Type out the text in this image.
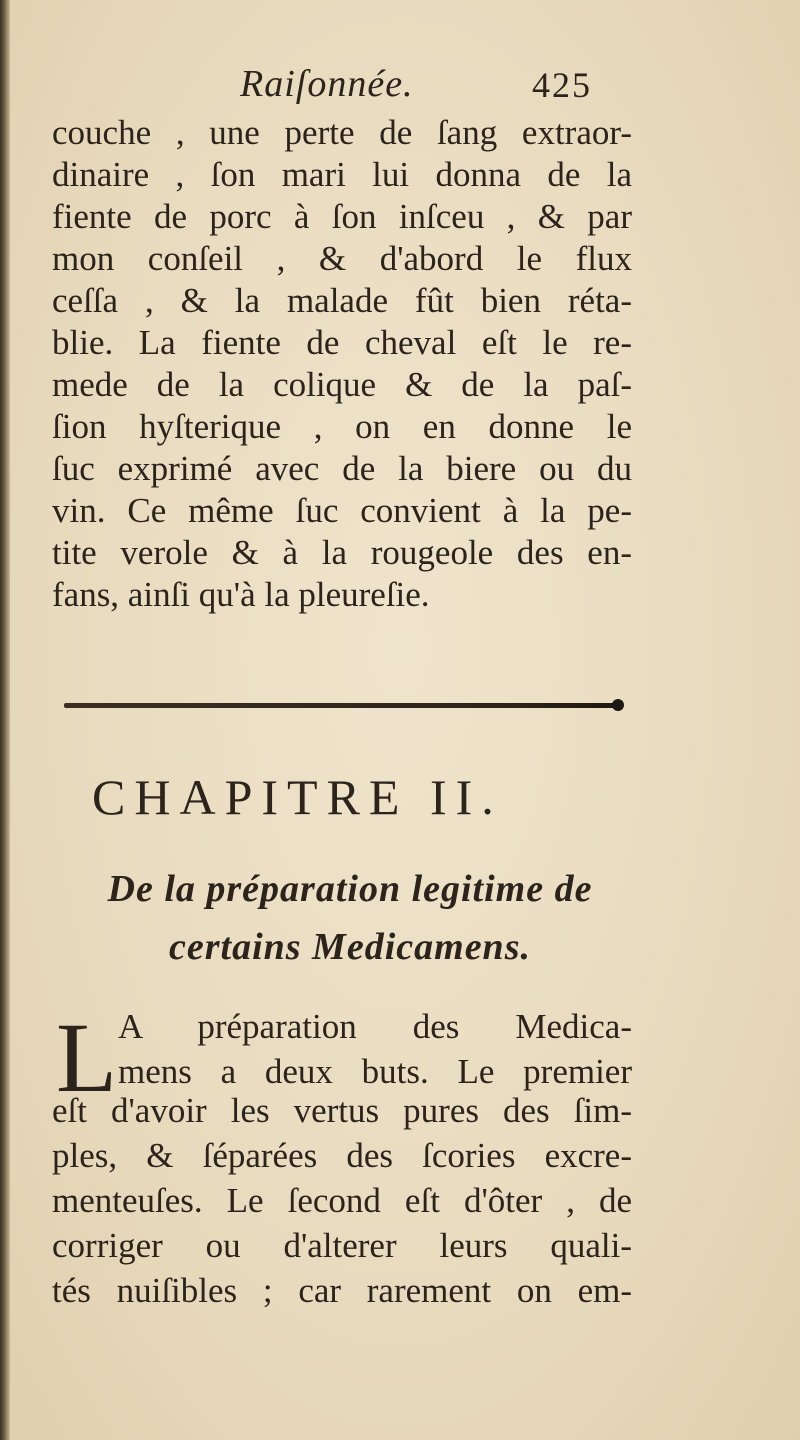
Raiſonnée.	425
couche , une perte de ſang extraor-
dinaire , ſon mari lui donna de la
fiente de porc à ſon inſceu , & par
mon conſeil , & d'abord le flux
ceſſa , & la malade fût bien réta-
blie. La fiente de cheval eſt le re-
mede de la colique & de la paſ-
ſion hyſterique , on en donne le
ſuc exprimé avec de la biere ou du
vin. Ce même ſuc convient à la pe-
tite verole & à la rougeole des en-
fans, ainſi qu'à la pleureſie.
CHAPITRE II.
De la préparation legitime de
certains Medicamens.
L A préparation des Medica-
mens a deux buts. Le premier
eſt d'avoir les vertus pures des ſim-
ples, & ſéparées des ſcories excre-
menteuſes. Le ſecond eſt d'ôter , de
corriger ou d'alterer leurs quali-
tés nuiſibles ; car rarement on em-
